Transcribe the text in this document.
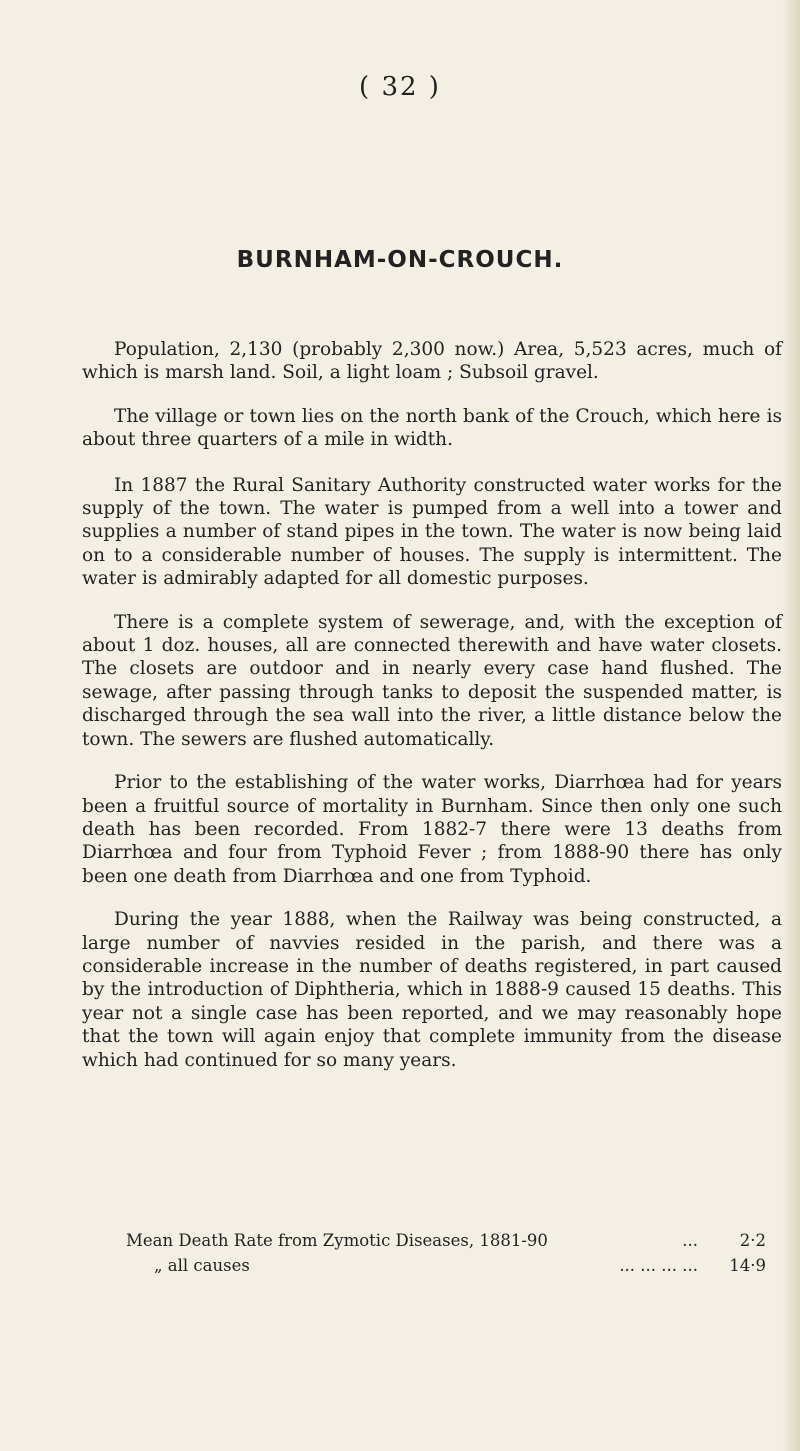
( 32 )
BURNHAM-ON-CROUCH.

Population, 2,130 (probably 2,300 now.) Area, 5,523 acres, much of which is marsh land. Soil, a light loam ; Subsoil gravel.

The village or town lies on the north bank of the Crouch, which here is about three quarters of a mile in width.

In 1887 the Rural Sanitary Authority constructed water works for the supply of the town. The water is pumped from a well into a tower and supplies a number of stand pipes in the town. The water is now being laid on to a considerable number of houses. The supply is intermittent. The water is admirably adapted for all domestic purposes.

There is a complete system of sewerage, and, with the exception of about 1 doz. houses, all are connected therewith and have water closets. The closets are outdoor and in nearly every case hand flushed. The sewage, after passing through tanks to deposit the suspended matter, is discharged through the sea wall into the river, a little distance below the town. The sewers are flushed automatically.

Prior to the establishing of the water works, Diarrhœa had for years been a fruitful source of mortality in Burnham. Since then only one such death has been recorded. From 1882-7 there were 13 deaths from Diarrhœa and four from Typhoid Fever ; from 1888-90 there has only been one death from Diarrhœa and one from Typhoid.

During the year 1888, when the Railway was being constructed, a large number of navvies resided in the parish, and there was a considerable increase in the number of deaths registered, in part caused by the introduction of Diphtheria, which in 1888-9 caused 15 deaths. This year not a single case has been reported, and we may reasonably hope that the town will again enjoy that complete immunity from the disease which had continued for so many years.

Mean Death Rate from Zymotic Diseases, 1881-90	...	2·2
„ all causes	... ... ... ...	14·9
